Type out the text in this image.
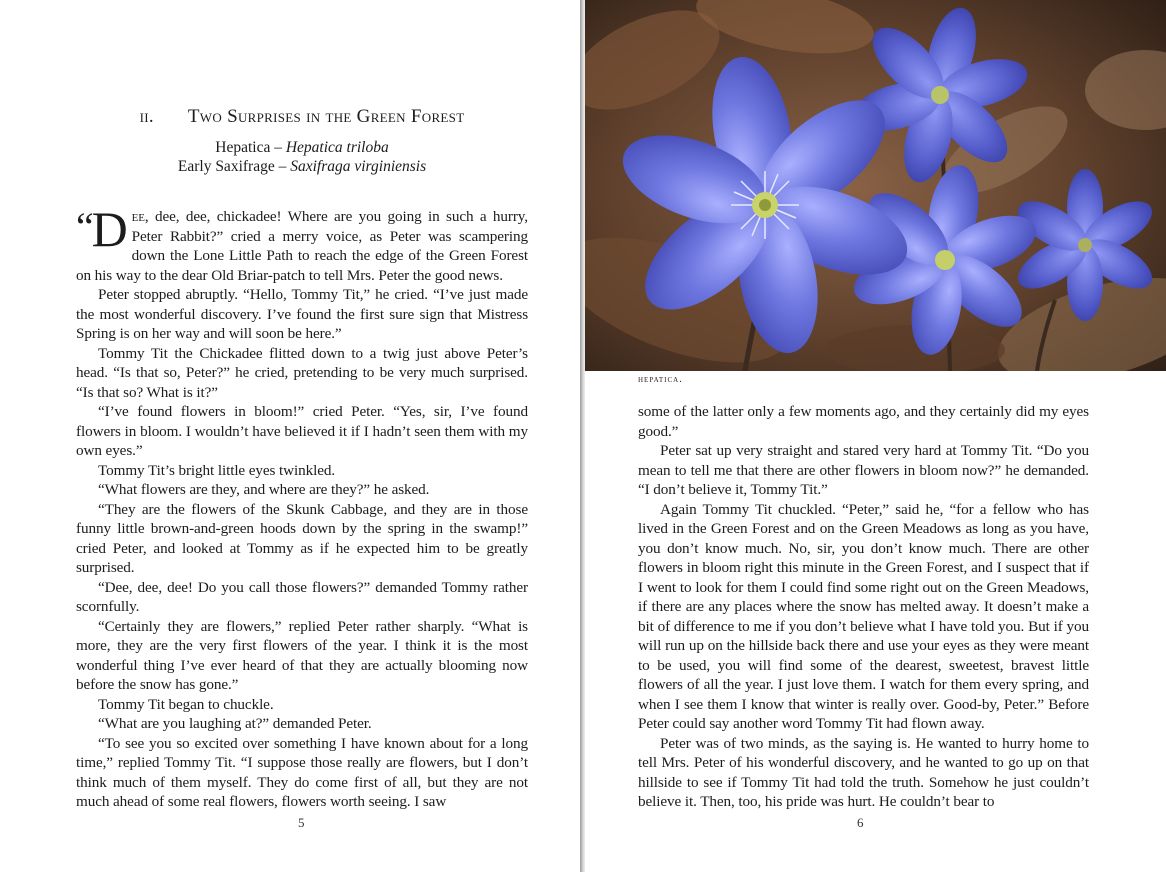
ii. Two Surprises in the Green Forest
Hepatica – Hepatica triloba
Early Saxifrage – Saxifraga virginiensis

“D ee, dee, dee, chickadee! Where are you going in such a hurry, Peter Rabbit?” cried a merry voice, as Peter was scampering down the Lone Little Path to reach the edge of the Green Forest on his way to the dear Old Briar-patch to tell Mrs. Peter the good news.

Peter stopped abruptly. “Hello, Tommy Tit,” he cried. “I’ve just made the most wonderful discovery. I’ve found the first sure sign that Mistress Spring is on her way and will soon be here.”

Tommy Tit the Chickadee flitted down to a twig just above Peter’s head. “Is that so, Peter?” he cried, pretending to be very much surprised. “Is that so? What is it?”

“I’ve found flowers in bloom!” cried Peter. “Yes, sir, I’ve found flowers in bloom. I wouldn’t have believed it if I hadn’t seen them with my own eyes.”

Tommy Tit’s bright little eyes twinkled.

“What flowers are they, and where are they?” he asked.

“They are the flowers of the Skunk Cabbage, and they are in those funny little brown-and-green hoods down by the spring in the swamp!” cried Peter, and looked at Tommy as if he expected him to be greatly surprised.

“Dee, dee, dee! Do you call those flowers?” demanded Tommy rather scornfully.

“Certainly they are flowers,” replied Peter rather sharply. “What is more, they are the very first flowers of the year. I think it is the most wonderful thing I’ve ever heard of that they are actually blooming now before the snow has gone.”

Tommy Tit began to chuckle.

“What are you laughing at?” demanded Peter.

“To see you so excited over something I have known about for a long time,” replied Tommy Tit. “I suppose those really are flowers, but I don’t think much of them myself. They do come first of all, but they are not much ahead of some real flowers, flowers worth seeing. I saw

5
hepatica.

some of the latter only a few moments ago, and they certainly did my eyes good.”

Peter sat up very straight and stared very hard at Tommy Tit. “Do you mean to tell me that there are other flowers in bloom now?” he demanded. “I don’t believe it, Tommy Tit.”

Again Tommy Tit chuckled. “Peter,” said he, “for a fellow who has lived in the Green Forest and on the Green Meadows as long as you have, you don’t know much. No, sir, you don’t know much. There are other flowers in bloom right this minute in the Green Forest, and I suspect that if I went to look for them I could find some right out on the Green Meadows, if there are any places where the snow has melted away. It doesn’t make a bit of difference to me if you don’t believe what I have told you. But if you will run up on the hillside back there and use your eyes as they were meant to be used, you will find some of the dearest, sweetest, bravest little flowers of all the year. I just love them. I watch for them every spring, and when I see them I know that winter is really over. Good-by, Peter.” Before Peter could say another word Tommy Tit had flown away.

Peter was of two minds, as the saying is. He wanted to hurry home to tell Mrs. Peter of his wonderful discovery, and he wanted to go up on that hillside to see if Tommy Tit had told the truth. Somehow he just couldn’t believe it. Then, too, his pride was hurt. He couldn’t bear to

6
